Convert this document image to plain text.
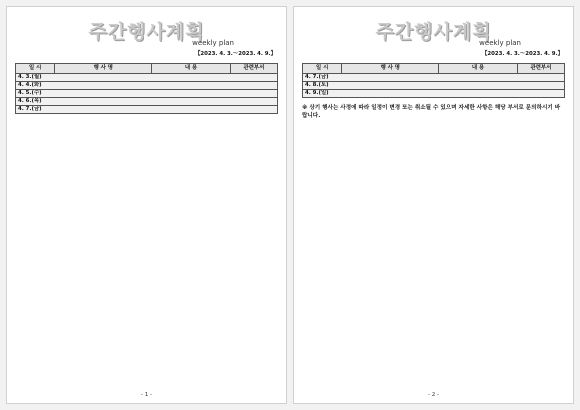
주간행사계획
weekly plan
【2023. 4. 3.～2023. 4. 9.】
일 시	행 사 명	내 용	관련부서
4. 3.(월)
4. 4.(화)
4. 5.(수)
4. 6.(목)
4. 7.(금)
- 1 -
주간행사계획
weekly plan
【2023. 4. 3.～2023. 4. 9.】
일 시	행 사 명	내 용	관련부서
4. 7.(금)
4. 8.(토)
4. 9.(일)
※ 상기 행사는 사정에 따라 일정이 변경 또는 취소될 수 있으며 자세한 사항은 해당 부서로 문의하시기 바랍니다.
- 2 -
